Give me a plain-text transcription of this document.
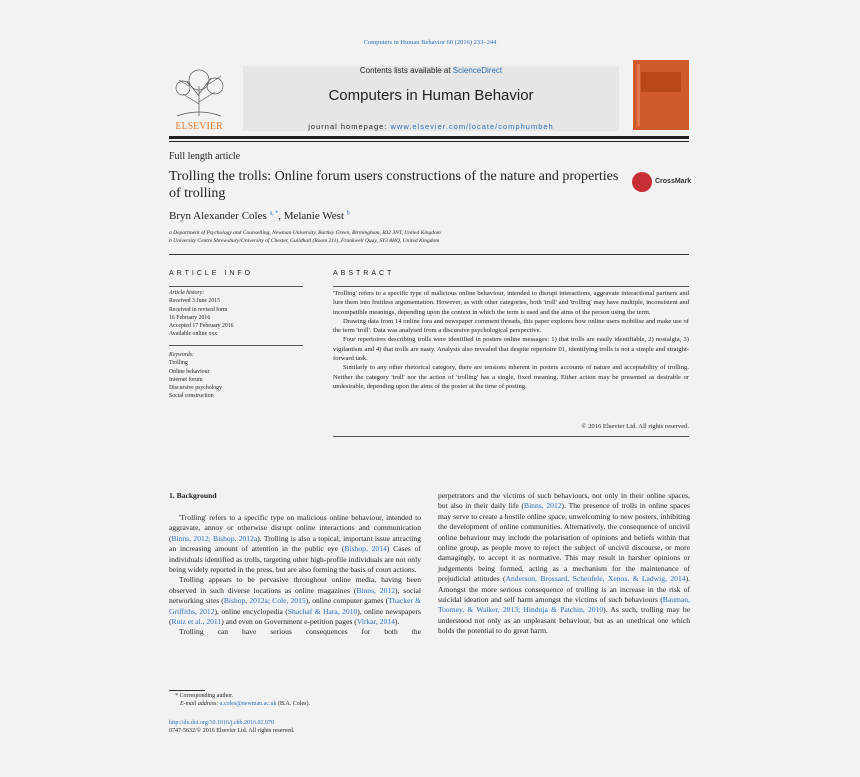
Computers in Human Behavior 60 (2016) 233–244
ELSEVIER
Contents lists available at ScienceDirect
Computers in Human Behavior
journal homepage: www.elsevier.com/locate/comphumbeh
Full length article
Trolling the trolls: Online forum users constructions of the nature and properties of trolling
CrossMark
Bryn Alexander Coles $^{a, *}$, Melanie West $^b$
a Department of Psychology and Counselling, Newman University, Bartley Green, Birmingham, B32 3NT, United Kingdom
b University Centre Shrewsbury/University of Chester, Guildhall (Room 211), Frankwell Quay, SY3 8HQ, United Kingdom
ARTICLE INFO
Article history:
Received 3 June 2015
Received in revised form
16 February 2016
Accepted 17 February 2016
Available online xxx
Keywords:
Trolling
Online behaviour
Internet forum
Discursive psychology
Social construction
ABSTRACT

'Trolling' refers to a specific type of malicious online behaviour, intended to disrupt interactions, aggravate interactional partners and lure them into fruitless argumentation. However, as with other categories, both 'troll' and 'trolling' may have multiple, inconsistent and incompatible meanings, depending upon the context in which the term is used and the aims of the person using the term.

Drawing data from 14 online fora and newspaper comment threads, this paper explores how online users mobilise and make use of the term 'troll'. Data was analysed from a discursive psychological perspective.

Four repertoires describing trolls were identified in posters online messages: 1) that trolls are easily identifiable, 2) nostalgia, 3) vigilantism and 4) that trolls are nasty. Analysis also revealed that despite repertoire 01, identifying trolls is not a simple and straight-forward task.

Similarly to any other rhetorical category, there are tensions inherent in posters accounts of nature and acceptability of trolling. Neither the category 'troll' nor the action of 'trolling' has a single, fixed meaning. Either action may be presented as desirable or undesirable, depending upon the aims of the poster at the time of posting.

© 2016 Elsevier Ltd. All rights reserved.
1. Background

'Trolling' refers to a specific type on malicious online behaviour, intended to aggravate, annoy or otherwise disrupt online interactions and communication (Binns, 2012; Bishop, 2012a). Trolling is also a topical, important issue attracting an increasing amount of attention in the public eye (Bishop, 2014) Cases of individuals identified as trolls, targeting other high-profile individuals are not only being widely reported in the press, but are also forming the basis of court actions.

Trolling appears to be pervasive throughout online media, having been observed in such diverse locations as online magazines (Binns, 2012), social networking sites (Bishop, 2012a; Cole, 2015), online computer games (Thacker & Griffiths, 2012), online encyclopedia (Shachaf & Hara, 2010), online newspapers (Ruiz et al., 2011) and even on Government e-petition pages (Virkar, 2014).

Trolling can have serious consequences for both the

perpetrators and the victims of such behaviours, not only in their online spaces, but also in their daily life (Binns, 2012). The presence of trolls in online spaces may serve to create a hostile online space, unwelcoming to new posters, inhibiting the development of online communities. Alternatively, the consequence of uncivil online behaviour may include the polarisation of opinions and beliefs within that online group, as people move to reject the subject of uncivil discourse, or more damagingly, to accept it as normative. This may result in harsher opinions or judgements being formed, acting as a mechanism for the maintenance of prejudicial attitudes (Anderson, Brossard, Scheufele, Xenos, & Ladwig, 2014). Amongst the more serious consequence of trolling is an increase in the risk of suicidal ideation and self harm amongst the victims of such behaviours (Bauman, Toomey, & Walker, 2013; Hinduja & Patchin, 2010). As such, trolling may be understood not only as an unpleasant behaviour, but as an unethical one which holds the potential to do great harm.

* Corresponding author.
E-mail address: a.coles@newman.ac.uk (B.A. Coles).
http://dx.doi.org/10.1016/j.chb.2016.02.070
0747-5632/© 2016 Elsevier Ltd. All rights reserved.
